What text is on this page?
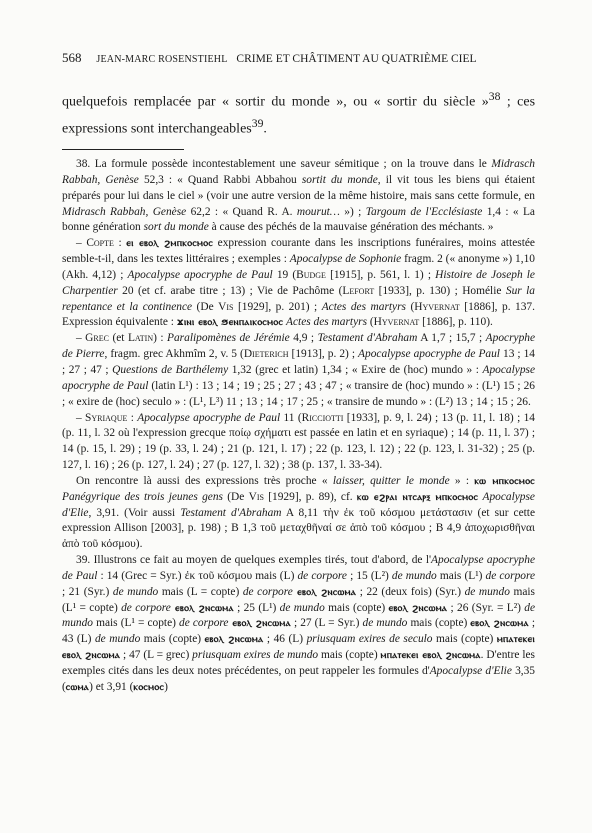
568 JEAN-MARC ROSENSTIEHL CRIME ET CHÂTIMENT AU QUATRIÈME CIEL

quelquefois remplacée par « sortir du monde », ou « sortir du siècle »$^{38}$ ; ces expressions sont interchangeables$^{39}$.

38. La formule possède incontestablement une saveur sémitique ; on la trouve dans le Midrasch Rabbah, Genèse 52,3 : « Quand Rabbi Abbahou sortit du monde, il vit tous les biens qui étaient préparés pour lui dans le ciel » (voir une autre version de la même histoire, mais sans cette formule, en Midrasch Rabbah, Genèse 62,2 : « Quand R. A. mourut… ») ; Targoum de l'Ecclésiaste 1,4 : « La bonne génération sort du monde à cause des péchés de la mauvaise génération des méchants. »

– Copte : ⲉⲓ ⲉⲃⲟⲗ ϩⲙⲡⲕⲟⲥⲙⲟⲥ expression courante dans les inscriptions funéraires, moins attestée semble-t-il, dans les textes littéraires ; exemples : Apocalypse de Sophonie fragm. 2 (« anonyme ») 1,10 (Akh. 4,12) ; Apocalypse apocryphe de Paul 19 (Budge [1915], p. 561, l. 1) ; Histoire de Joseph le Charpentier 20 (et cf. arabe titre ; 13) ; Vie de Pachôme (Lefort [1933], p. 130) ; Homélie Sur la repentance et la continence (De Vis [1929], p. 201) ; Actes des martyrs (Hyvernat [1886], p. 137. Expression équivalente : ϫⲓⲛⲓ ⲉⲃⲟⲗ ϧⲉⲛⲡⲁⲓⲕⲟⲥⲙⲟⲥ Actes des martyrs (Hyvernat [1886], p. 110).

– Grec (et Latin) : Paralipomènes de Jérémie 4,9 ; Testament d'Abraham A 1,7 ; 15,7 ; Apocryphe de Pierre, fragm. grec Akhmîm 2, v. 5 (Dieterich [1913], p. 2) ; Apocalypse apocryphe de Paul 13 ; 14 ; 27 ; 47 ; Questions de Barthélemy 1,32 (grec et latin) 1,34 ; « Exire de (hoc) mundo » : Apocalypse apocryphe de Paul (latin L¹) : 13 ; 14 ; 19 ; 25 ; 27 ; 43 ; 47 ; « transire de (hoc) mundo » : (L¹) 15 ; 26 ; « exire de (hoc) seculo » : (L¹, L³) 11 ; 13 ; 14 ; 17 ; 25 ; « transire de mundo » : (L²) 13 ; 14 ; 15 ; 26.

– Syriaque : Apocalypse apocryphe de Paul 11 (Ricciotti [1933], p. 9, l. 24) ; 13 (p. 11, l. 18) ; 14 (p. 11, l. 32 où l'expression grecque ποίῳ σχήματι est passée en latin et en syriaque) ; 14 (p. 11, l. 37) ; 14 (p. 15, l. 29) ; 19 (p. 33, l. 24) ; 21 (p. 121, l. 17) ; 22 (p. 123, l. 12) ; 22 (p. 123, l. 31-32) ; 25 (p. 127, l. 16) ; 26 (p. 127, l. 24) ; 27 (p. 127, l. 32) ; 38 (p. 137, l. 33-34).

On rencontre là aussi des expressions très proche « laisser, quitter le monde » : ⲕⲱ ⲙⲡⲕⲟⲥⲙⲟⲥ Panégyrique des trois jeunes gens (De Vis [1929], p. 89), cf. ⲕⲱ ⲉϩⲣⲁⲓ ⲛⲧⲥⲁⲣⲝ ⲙⲡⲕⲟⲥⲙⲟⲥ Apocalypse d'Elie, 3,91. (Voir aussi Testament d'Abraham A 8,11 τὴν ἐκ τοῦ κόσμου μετάστασιν (et sur cette expression Allison [2003], p. 198) ; B 1,3 τοῦ μεταχθῆναί σε ἀπὸ τοῦ κόσμου ; B 4,9 ἀποχωρισθῆναι ἀπὸ τοῦ κόσμου).

39. Illustrons ce fait au moyen de quelques exemples tirés, tout d'abord, de l'Apocalypse apocryphe de Paul : 14 (Grec = Syr.) ἐκ τοῦ κόσμου mais (L) de corpore ; 15 (L²) de mundo mais (L¹) de corpore ; 21 (Syr.) de mundo mais (L = copte) de corpore ⲉⲃⲟⲗ ϩⲛⲥⲱⲙⲁ ; 22 (deux fois) (Syr.) de mundo mais (L¹ = copte) de corpore ⲉⲃⲟⲗ ϩⲛⲥⲱⲙⲁ ; 25 (L¹) de mundo mais (copte) ⲉⲃⲟⲗ ϩⲛⲥⲱⲙⲁ ; 26 (Syr. = L²) de mundo mais (L¹ = copte) de corpore ⲉⲃⲟⲗ ϩⲛⲥⲱⲙⲁ ; 27 (L = Syr.) de mundo mais (copte) ⲉⲃⲟⲗ ϩⲛⲥⲱⲙⲁ ; 43 (L) de mundo mais (copte) ⲉⲃⲟⲗ ϩⲛⲥⲱⲙⲁ ; 46 (L) priusquam exires de seculo mais (copte) ⲙⲡⲁⲧⲉⲕⲉⲓ ⲉⲃⲟⲗ ϩⲛⲥⲱⲙⲁ ; 47 (L = grec) priusquam exires de mundo mais (copte) ⲙⲡⲁⲧⲉⲕⲉⲓ ⲉⲃⲟⲗ ϩⲛⲥⲱⲙⲁ. D'entre les exemples cités dans les deux notes précédentes, on peut rappeler les formules d'Apocalypse d'Elie 3,35 (ⲥⲱⲙⲁ) et 3,91 (ⲕⲟⲥⲙⲟⲥ)
